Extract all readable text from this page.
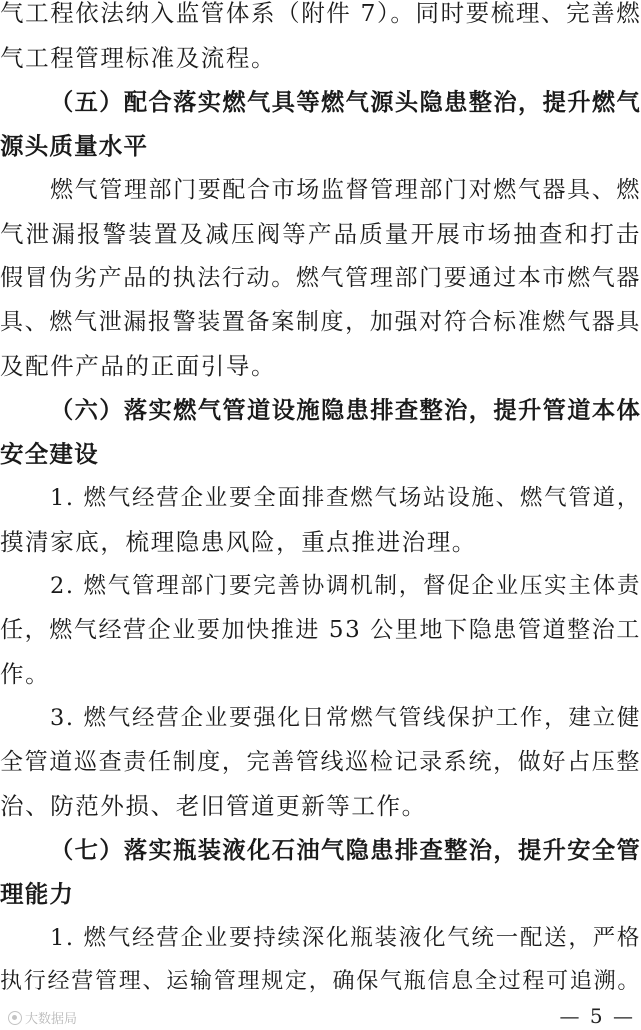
气工程依法纳入监管体系（附件 7）。同时要梳理、完善燃
气工程管理标准及流程。
（五）配合落实燃气具等燃气源头隐患整治，提升燃气
源头质量水平
燃气管理部门要配合市场监督管理部门对燃气器具、燃
气泄漏报警装置及减压阀等产品质量开展市场抽查和打击
假冒伪劣产品的执法行动。燃气管理部门要通过本市燃气器
具、燃气泄漏报警装置备案制度，加强对符合标准燃气器具
及配件产品的正面引导。
（六）落实燃气管道设施隐患排查整治，提升管道本体
安全建设
1. 燃气经营企业要全面排查燃气场站设施、燃气管道，
摸清家底，梳理隐患风险，重点推进治理。
2. 燃气管理部门要完善协调机制，督促企业压实主体责
任，燃气经营企业要加快推进 53 公里地下隐患管道整治工
作。
3. 燃气经营企业要强化日常燃气管线保护工作，建立健
全管道巡查责任制度，完善管线巡检记录系统，做好占压整
治、防范外损、老旧管道更新等工作。
（七）落实瓶装液化石油气隐患排查整治，提升安全管
理能力
1. 燃气经营企业要持续深化瓶装液化气统一配送，严格
执行经营管理、运输管理规定，确保气瓶信息全过程可追溯。
大数据局	— 5 —
